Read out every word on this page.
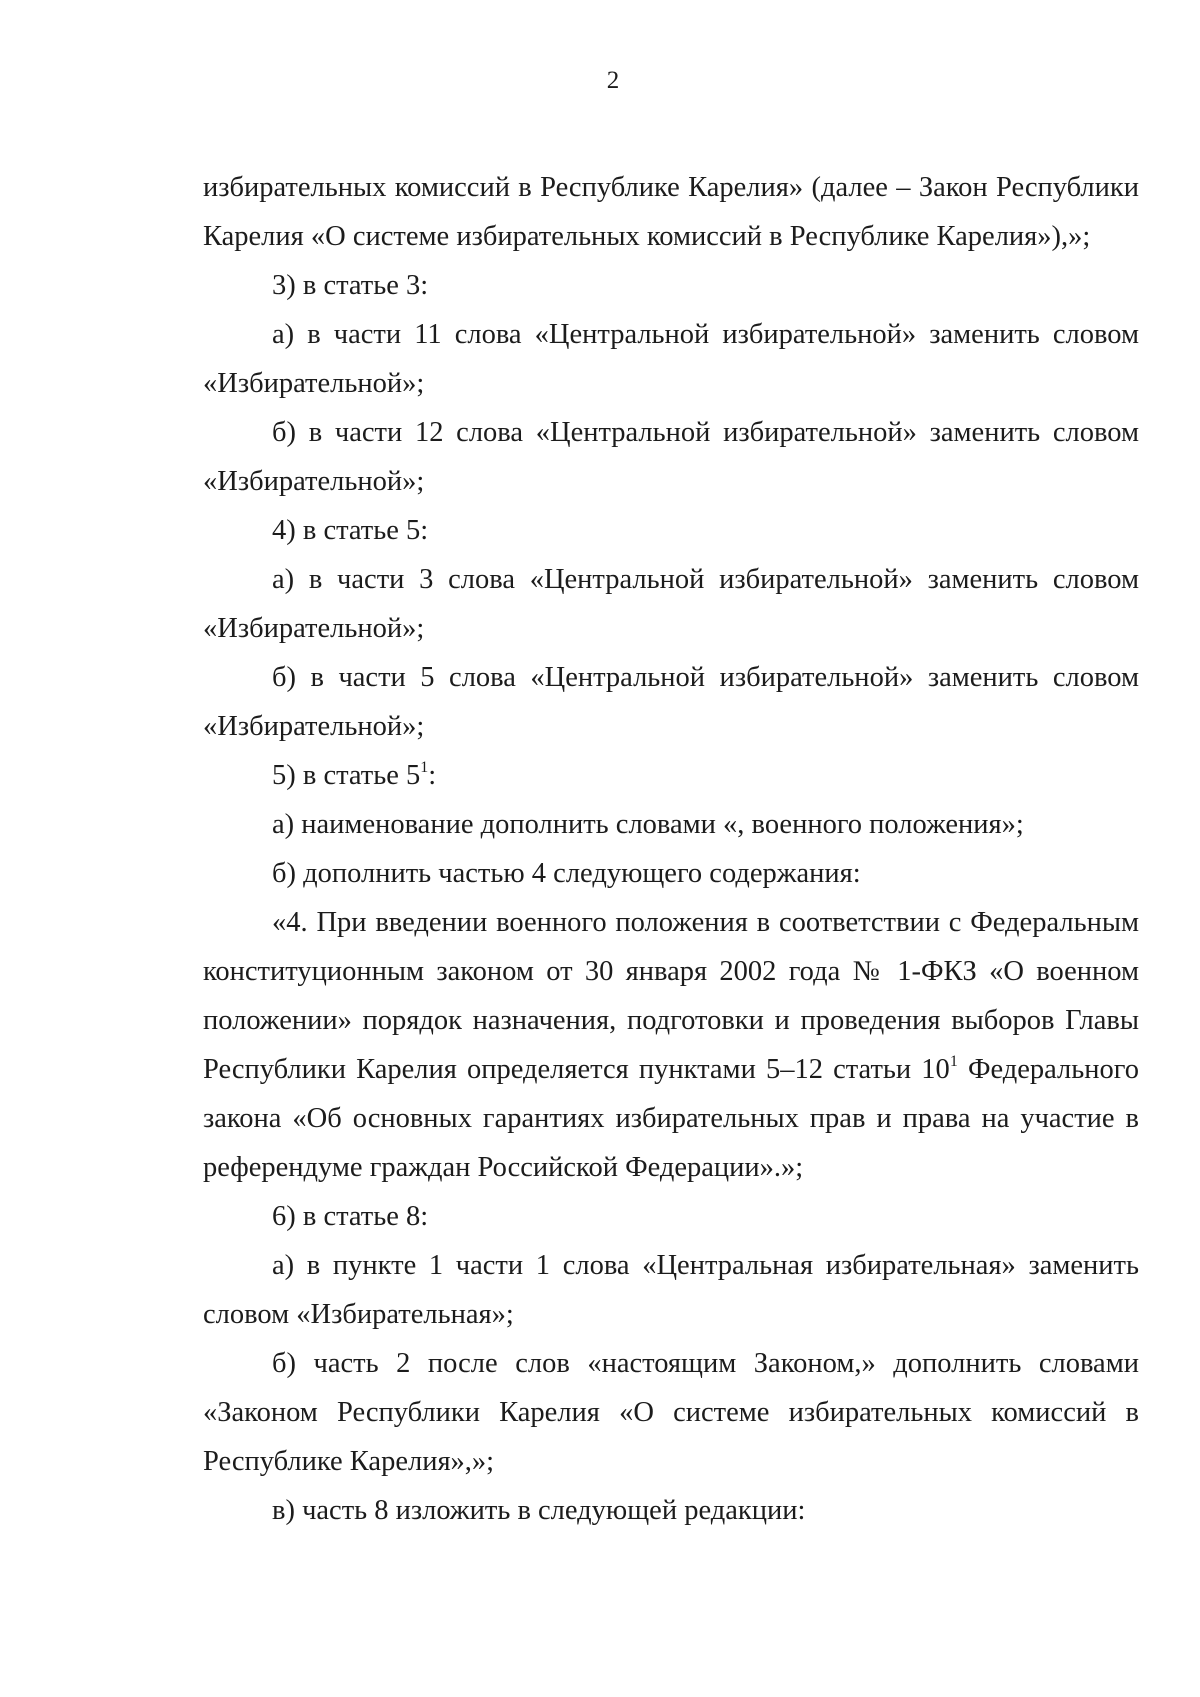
2

избирательных комиссий в Республике Карелия» (далее – Закон Республики Карелия «О системе избирательных комиссий в Республике Карелия»),»;

3) в статье 3:

а) в части 11 слова «Центральной избирательной» заменить словом «Избирательной»;

б) в части 12 слова «Центральной избирательной» заменить словом «Избирательной»;

4) в статье 5:

а) в части 3 слова «Центральной избирательной» заменить словом «Избирательной»;

б) в части 5 слова «Центральной избирательной» заменить словом «Избирательной»;

5) в статье $5^1$:

а) наименование дополнить словами «, военного положения»;

б) дополнить частью 4 следующего содержания:

«4. При введении военного положения в соответствии с Федеральным конституционным законом от 30 января 2002 года № 1-ФКЗ «О военном положении» порядок назначения, подготовки и проведения выборов Главы Республики Карелия определяется пунктами 5–12 статьи $10^1$ Федерального закона «Об основных гарантиях избирательных прав и права на участие в референдуме граждан Российской Федерации».»;

6) в статье 8:

а) в пункте 1 части 1 слова «Центральная избирательная» заменить словом «Избирательная»;

б) часть 2 после слов «настоящим Законом,» дополнить словами «Законом Республики Карелия «О системе избирательных комиссий в Республике Карелия»,»;

в) часть 8 изложить в следующей редакции:
